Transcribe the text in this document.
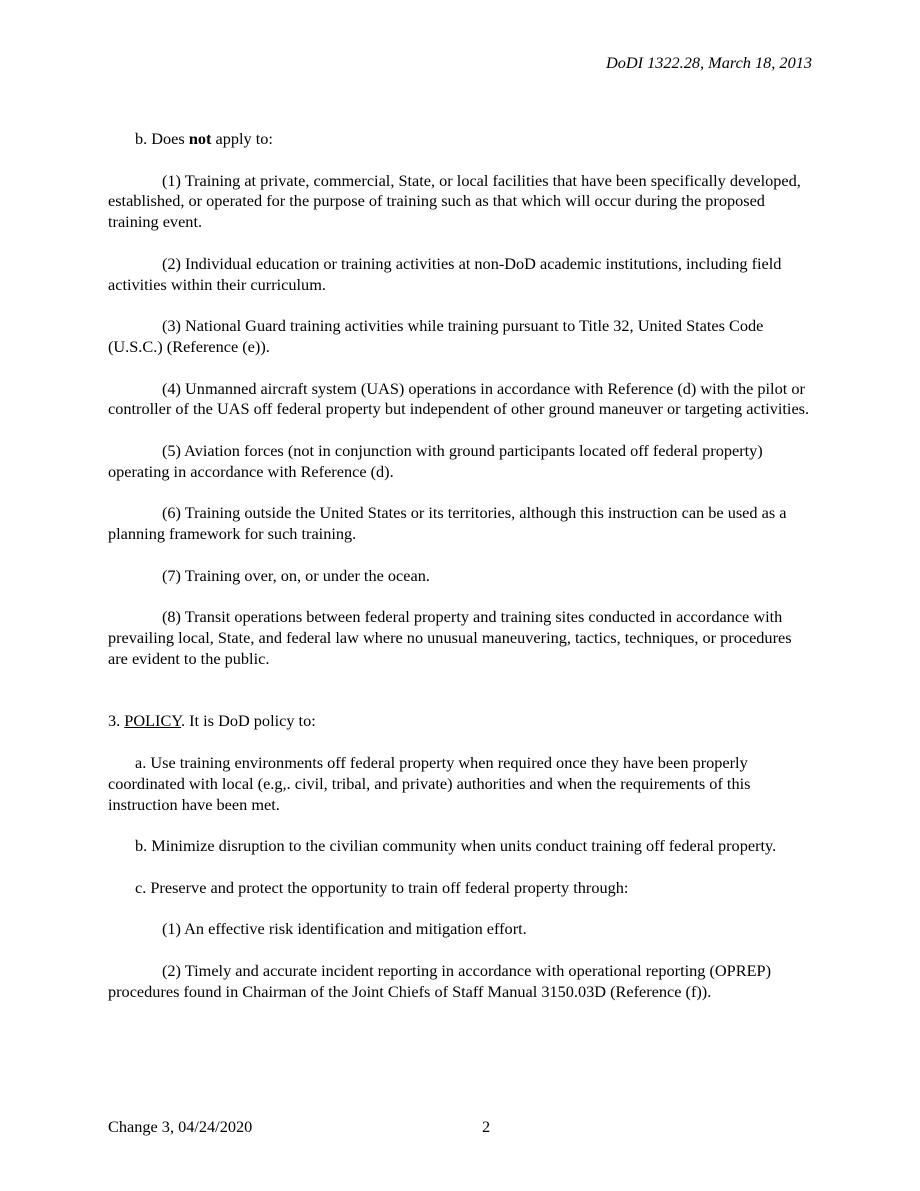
DoDI 1322.28, March 18, 2013

b. Does not apply to:

(1) Training at private, commercial, State, or local facilities that have been specifically developed, established, or operated for the purpose of training such as that which will occur during the proposed training event.

(2) Individual education or training activities at non-DoD academic institutions, including field activities within their curriculum.

(3) National Guard training activities while training pursuant to Title 32, United States Code (U.S.C.) (Reference (e)).

(4) Unmanned aircraft system (UAS) operations in accordance with Reference (d) with the pilot or controller of the UAS off federal property but independent of other ground maneuver or targeting activities.

(5) Aviation forces (not in conjunction with ground participants located off federal property) operating in accordance with Reference (d).

(6) Training outside the United States or its territories, although this instruction can be used as a planning framework for such training.

(7) Training over, on, or under the ocean.

(8) Transit operations between federal property and training sites conducted in accordance with prevailing local, State, and federal law where no unusual maneuvering, tactics, techniques, or procedures are evident to the public.

3. POLICY. It is DoD policy to:

a. Use training environments off federal property when required once they have been properly coordinated with local (e.g,. civil, tribal, and private) authorities and when the requirements of this instruction have been met.

b. Minimize disruption to the civilian community when units conduct training off federal property.

c. Preserve and protect the opportunity to train off federal property through:

(1) An effective risk identification and mitigation effort.

(2) Timely and accurate incident reporting in accordance with operational reporting (OPREP) procedures found in Chairman of the Joint Chiefs of Staff Manual 3150.03D (Reference (f)).

Change 3, 04/24/2020	2
